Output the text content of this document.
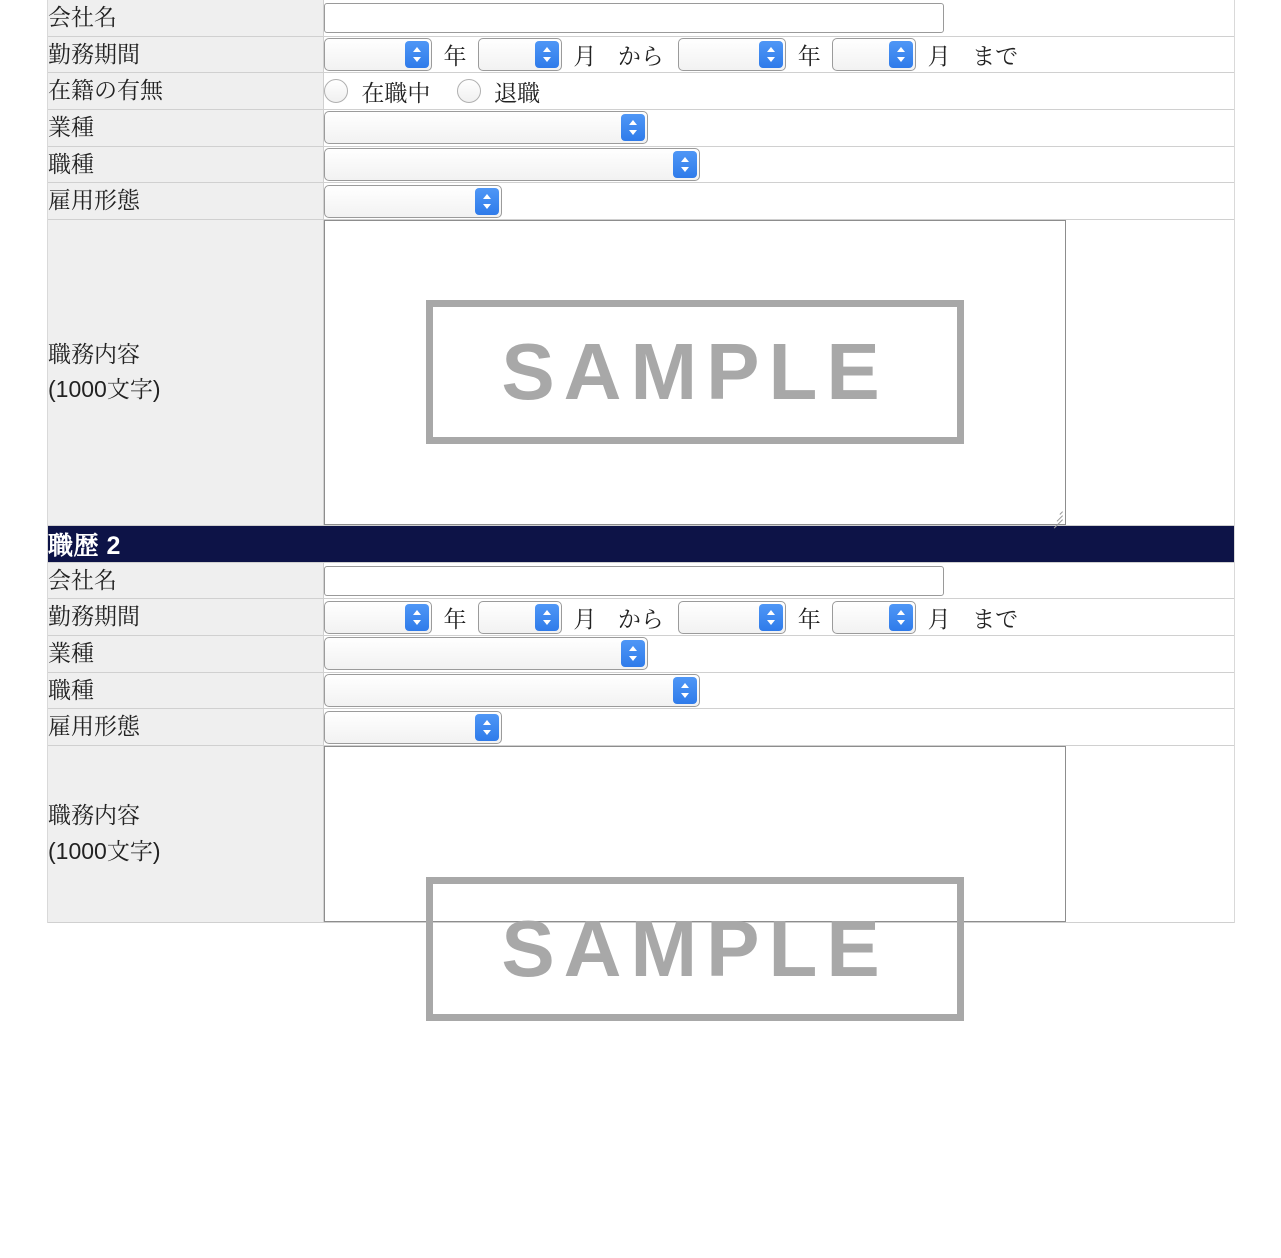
会社名	

勤務期間	年 月 から 年 月 まで

在籍の有無	在職中 退職

業種	

職種	

雇用形態	

職務内容
(1000文字)	SAMPLE

職歴 2	
会社名	

勤務期間	年 月 から 年 月 まで

業種	

職種	

雇用形態	

職務内容
(1000文字)	SAMPLE
